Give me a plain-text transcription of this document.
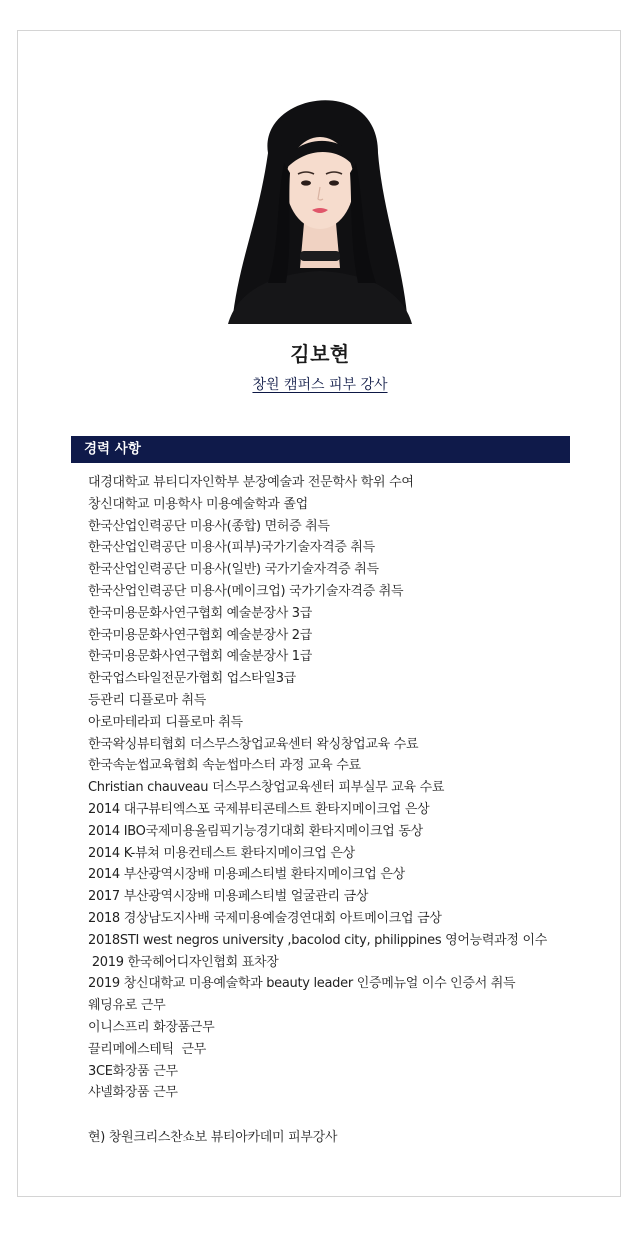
김보현
창원 캠퍼스 피부 강사
경력 사항
대경대학교 뷰티디자인학부 분장예술과 전문학사 학위 수여
창신대학교 미용학사 미용예술학과 졸업
한국산업인력공단 미용사(종합) 면허증 취득
한국산업인력공단 미용사(피부)국가기술자격증 취득
한국산업인력공단 미용사(일반) 국가기술자격증 취득
한국산업인력공단 미용사(메이크업) 국가기술자격증 취득
한국미용문화사연구협회 예술분장사 3급
한국미용문화사연구협회 예술분장사 2급
한국미용문화사연구협회 예술분장사 1급
한국업스타일전문가협회 업스타일3급
등관리 디플로마 취득
아로마테라피 디플로마 취득
한국왁싱뷰티협회 더스무스창업교육센터 왁싱창업교육 수료
한국속눈썹교육협회 속눈썹마스터 과정 교육 수료
Christian chauveau 더스무스창업교육센터 피부실무 교육 수료
2014 대구뷰티엑스포 국제뷰티콘테스트 환타지메이크업 은상
2014 IBO국제미용올림픽기능경기대회 환타지메이크업 동상
2014 K-뷰쳐 미용컨테스트 환타지메이크업 은상
2014 부산광역시장배 미용페스티벌 환타지메이크업 은상
2017 부산광역시장배 미용페스티벌 얼굴관리 금상
2018 경상남도지사배 국제미용예술경연대회 아트메이크업 금상
2018STI west negros university ,bacolod city, philippines 영어능력과정 이수
2019 한국헤어디자인협회 표차장
2019 창신대학교 미용예술학과 beauty leader 인증메뉴얼 이수 인증서 취득
웨딩유로 근무
이니스프리 화장품근무
끌리메에스테틱  근무
3CE화장품 근무
샤넬화장품 근무
현) 창원크리스찬쇼보 뷰티아카데미 피부강사
